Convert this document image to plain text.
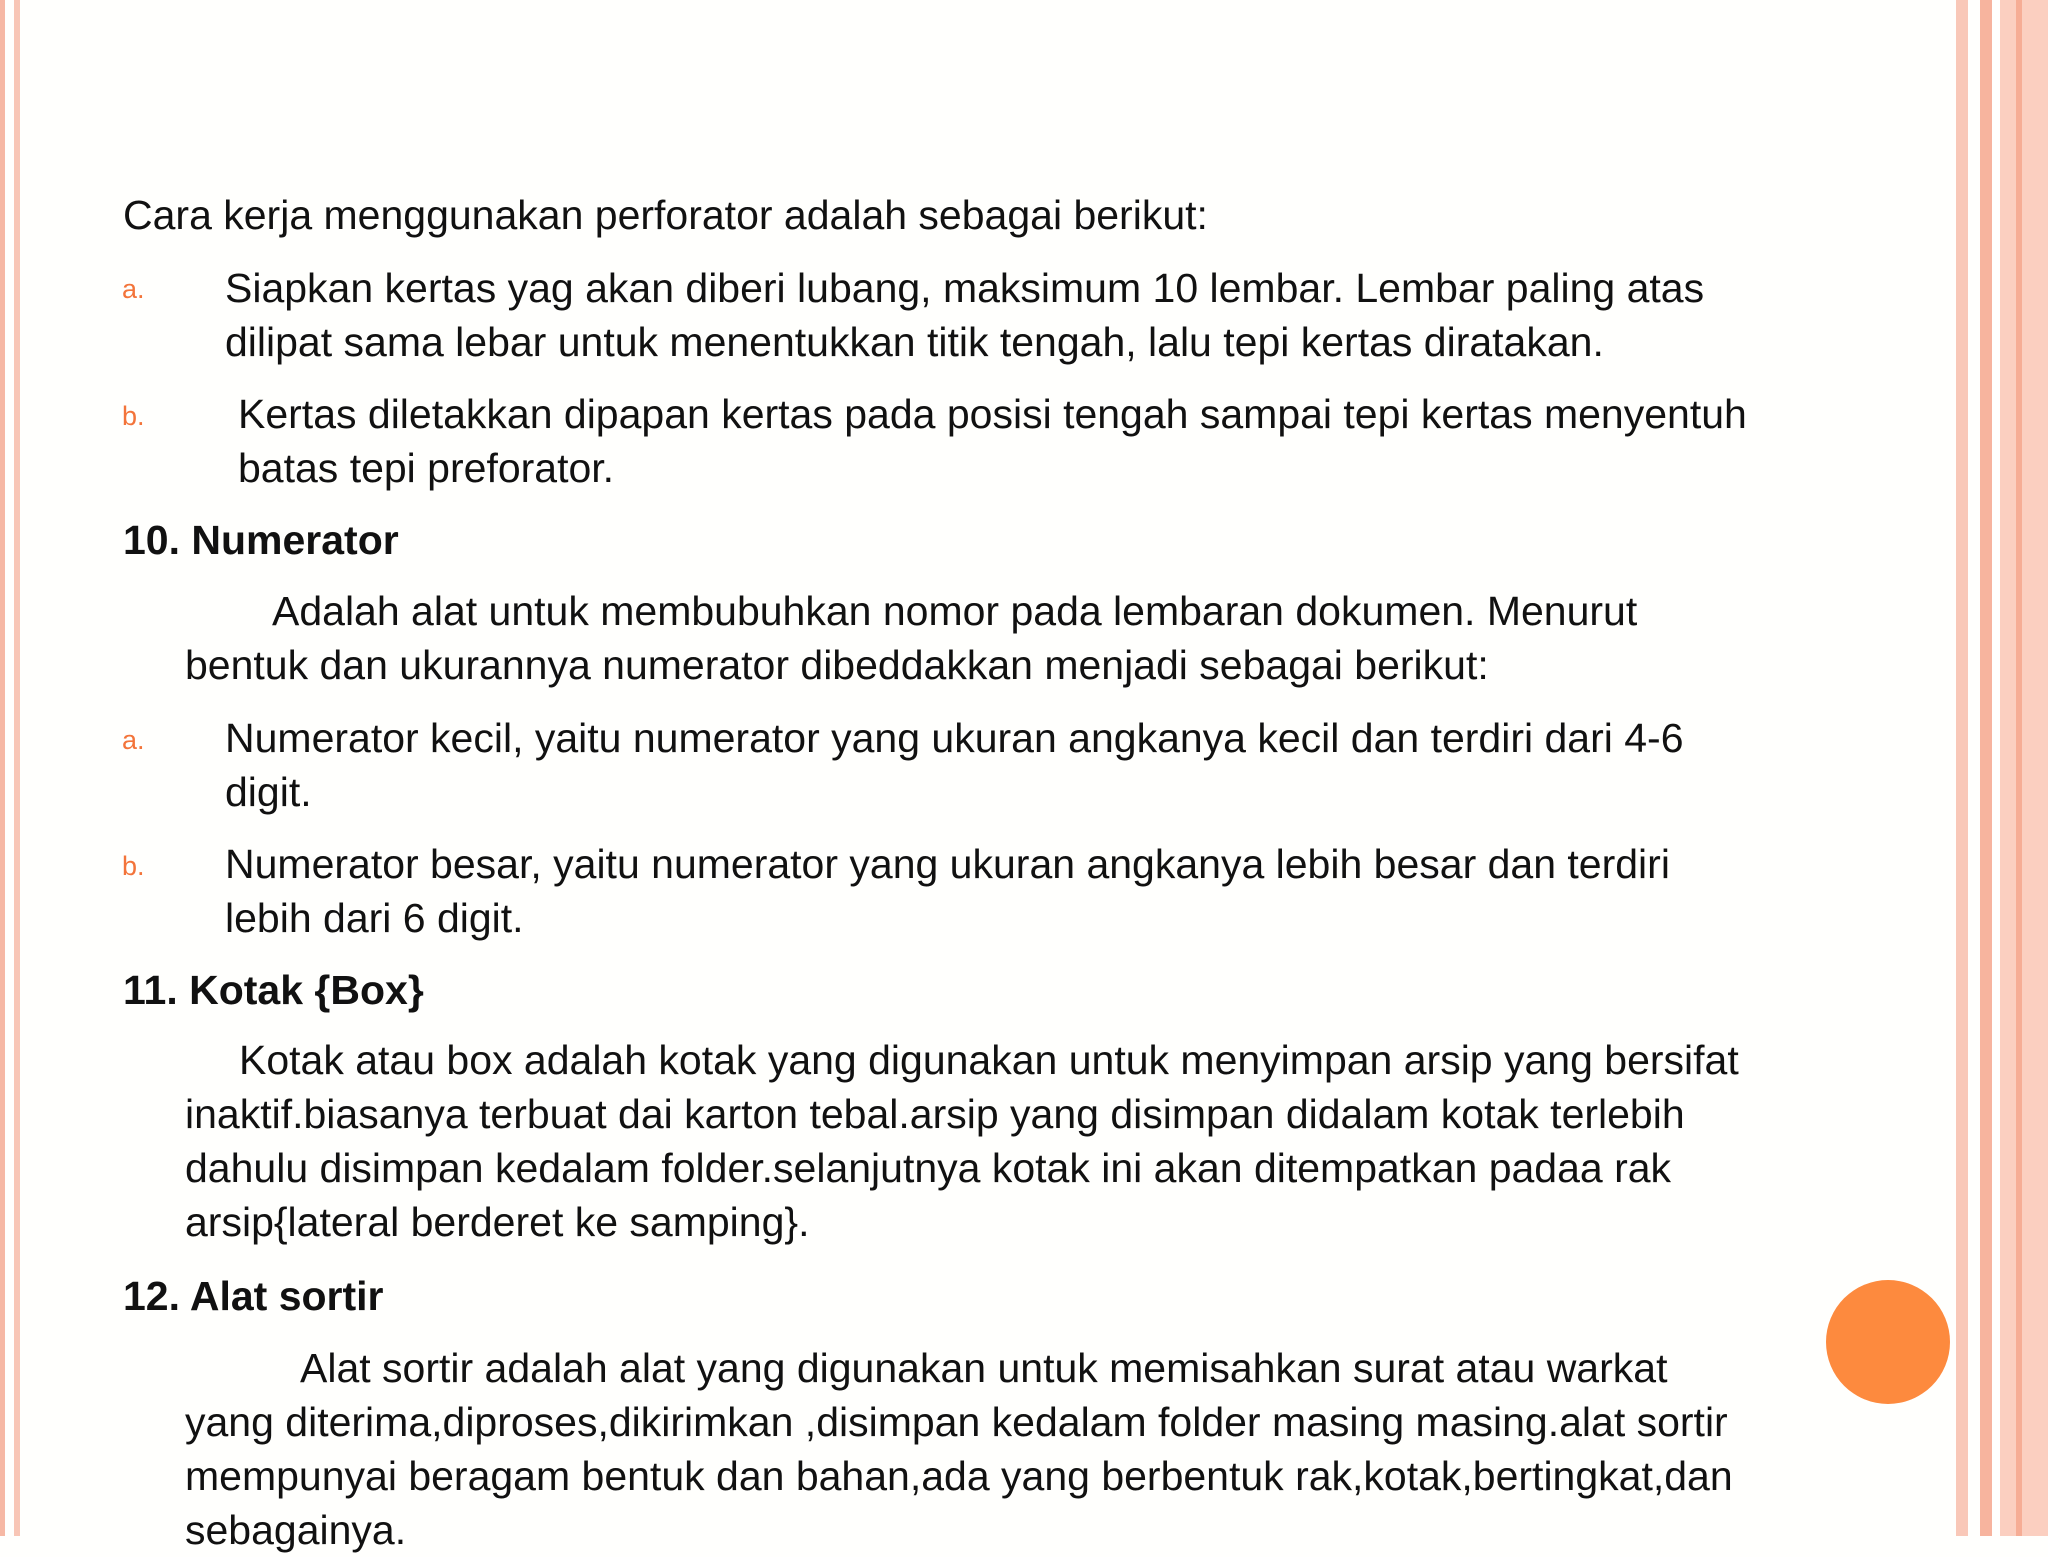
Cara kerja menggunakan perforator adalah sebagai berikut:
a. Siapkan kertas yag akan diberi lubang, maksimum 10 lembar. Lembar paling atas
dilipat sama lebar untuk menentukkan titik tengah, lalu tepi kertas diratakan.
b. Kertas diletakkan dipapan kertas pada posisi tengah sampai tepi kertas menyentuh
batas tepi preforator.
10. Numerator
Adalah alat untuk membubuhkan nomor pada lembaran dokumen. Menurut
bentuk dan ukurannya numerator dibeddakkan menjadi sebagai berikut:
a. Numerator kecil, yaitu numerator yang ukuran angkanya kecil dan terdiri dari 4-6
digit.
b. Numerator besar, yaitu numerator yang ukuran angkanya lebih besar dan terdiri
lebih dari 6 digit.
11. Kotak {Box}
Kotak atau box adalah kotak yang digunakan untuk menyimpan arsip yang bersifat
inaktif.biasanya terbuat dai karton tebal.arsip yang disimpan didalam kotak terlebih
dahulu disimpan kedalam folder.selanjutnya kotak ini akan ditempatkan padaa rak
arsip{lateral berderet ke samping}.
12. Alat sortir
Alat sortir adalah alat yang digunakan untuk memisahkan surat atau warkat
yang diterima,diproses,dikirimkan ,disimpan kedalam folder masing masing.alat sortir
mempunyai beragam bentuk dan bahan,ada yang berbentuk rak,kotak,bertingkat,dan
sebagainya.
